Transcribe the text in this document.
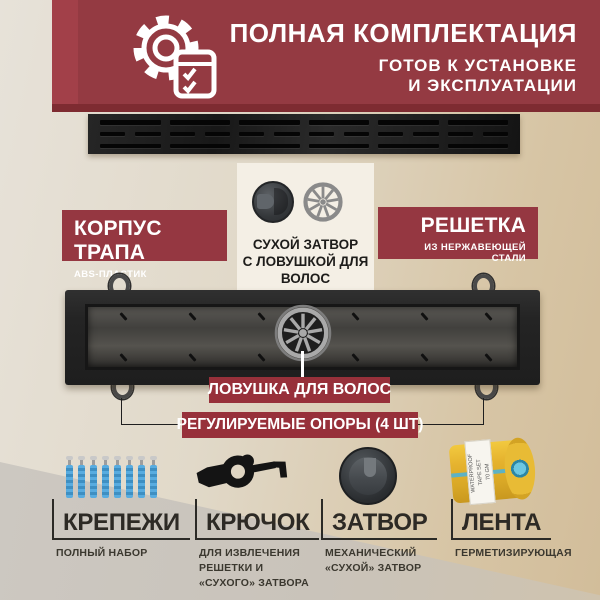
ПОЛНАЯ КОМПЛЕКТАЦИЯ
ГОТОВ К УСТАНОВКЕ
И ЭКСПЛУАТАЦИИ
СУХОЙ ЗАТВОР
С ЛОВУШКОЙ ДЛЯ
ВОЛОС
КОРПУС ТРАПА
ABS-ПЛАСТИК
РЕШЕТКА
ИЗ НЕРЖАВЕЮЩЕЙ СТАЛИ
ЛОВУШКА ДЛЯ ВОЛОС
РЕГУЛИРУЕМЫЕ ОПОРЫ (4 ШТ)
WATERPROOF TAPE SET 70 GM
КРЕПЕЖИ
ПОЛНЫЙ НАБОР
КРЮЧОК
ДЛЯ ИЗВЛЕЧЕНИЯ РЕШЕТКИ И «СУХОГО» ЗАТВОРА
ЗАТВОР
МЕХАНИЧЕСКИЙ «СУХОЙ» ЗАТВОР
ЛЕНТА
ГЕРМЕТИЗИРУЮЩАЯ
